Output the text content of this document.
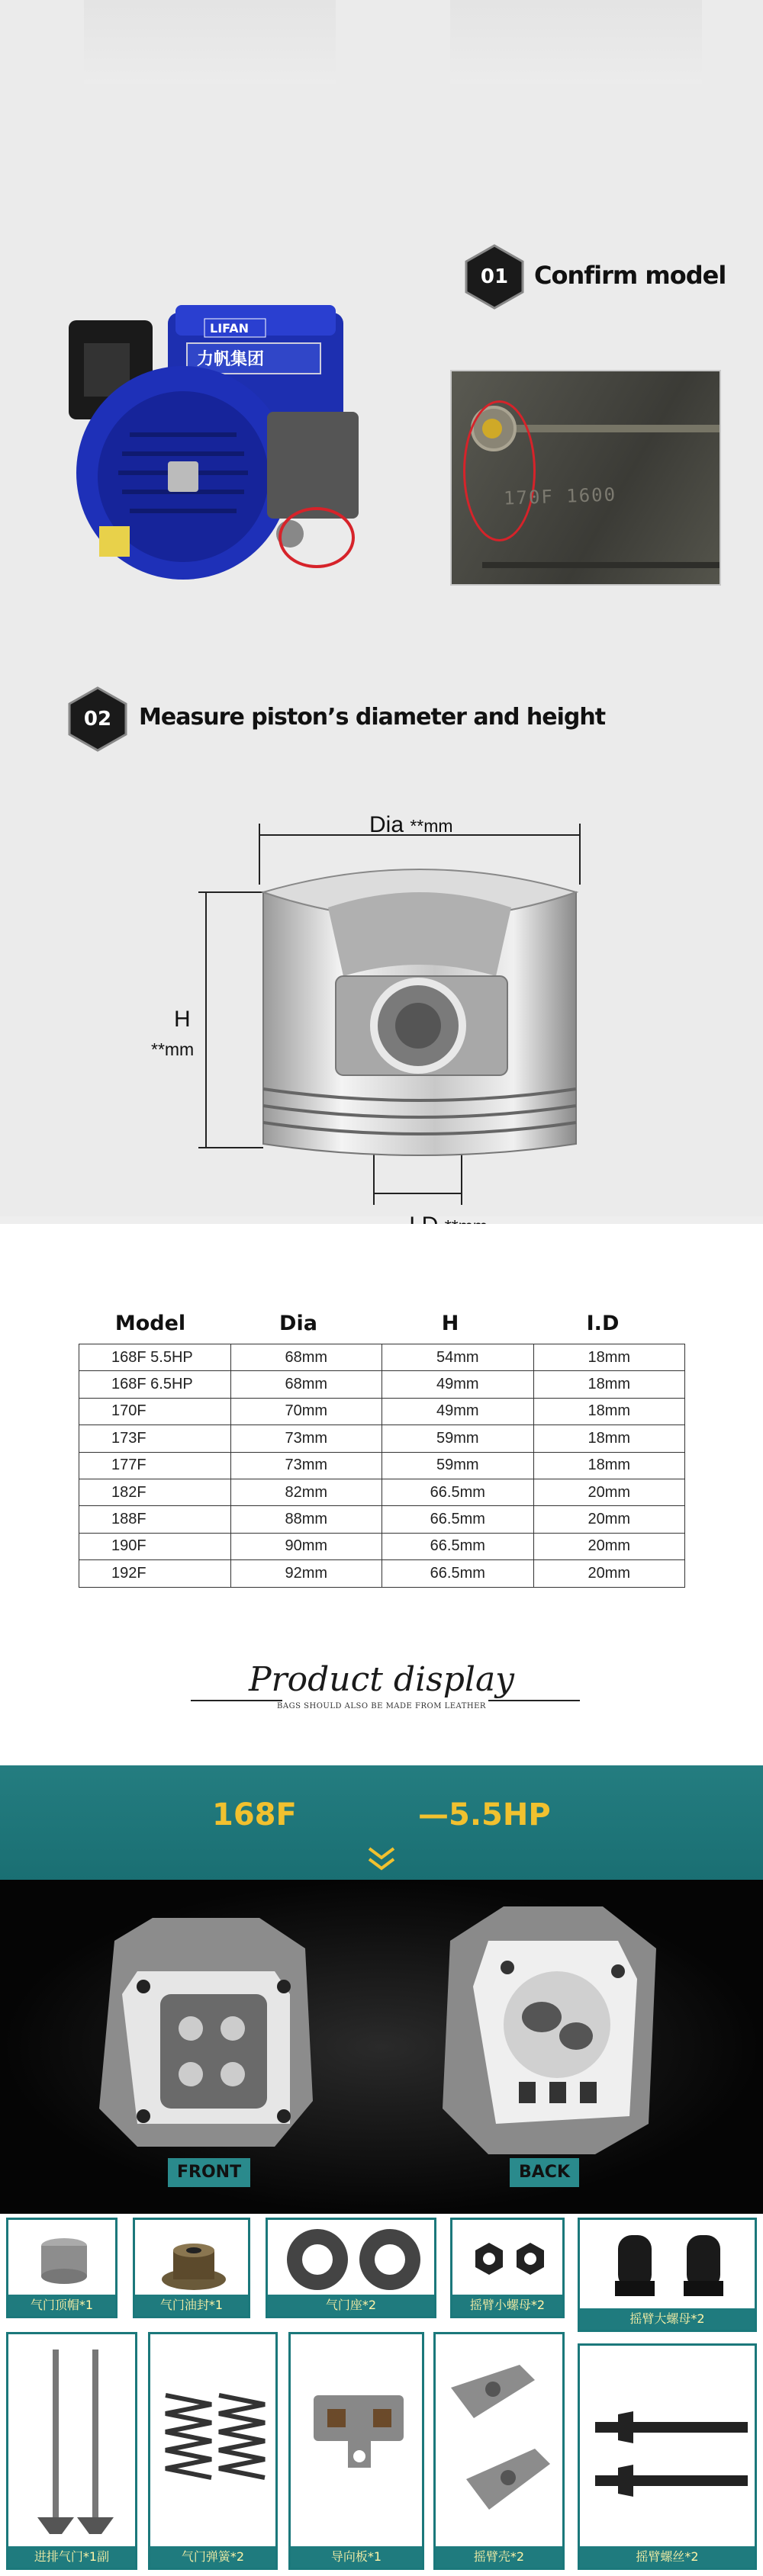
01	Confirm model
力帆集团
LIFAN
170F 1600
02	Measure piston’s diameter and height
Dia **mm
H
**mm
Model	Dia	H	I.D
168F 5.5HP	68mm	54mm	18mm
168F 6.5HP	68mm	49mm	18mm
170F	70mm	49mm	18mm
173F	73mm	59mm	18mm
177F	73mm	59mm	18mm
182F	82mm	66.5mm	20mm
188F	88mm	66.5mm	20mm
190F	90mm	66.5mm	20mm
192F	92mm	66.5mm	20mm
Product display
BAGS SHOULD ALSO BE MADE FROM LEATHER
168F	—5.5HP
FRONT	BACK
气门顶帽*1	气门油封*1	气门座*2	摇臂小螺母*2
摇臂大螺母*2
进排气门*1副	气门弹簧*2	导向板*1	摇臂壳*2	摇臂螺丝*2
